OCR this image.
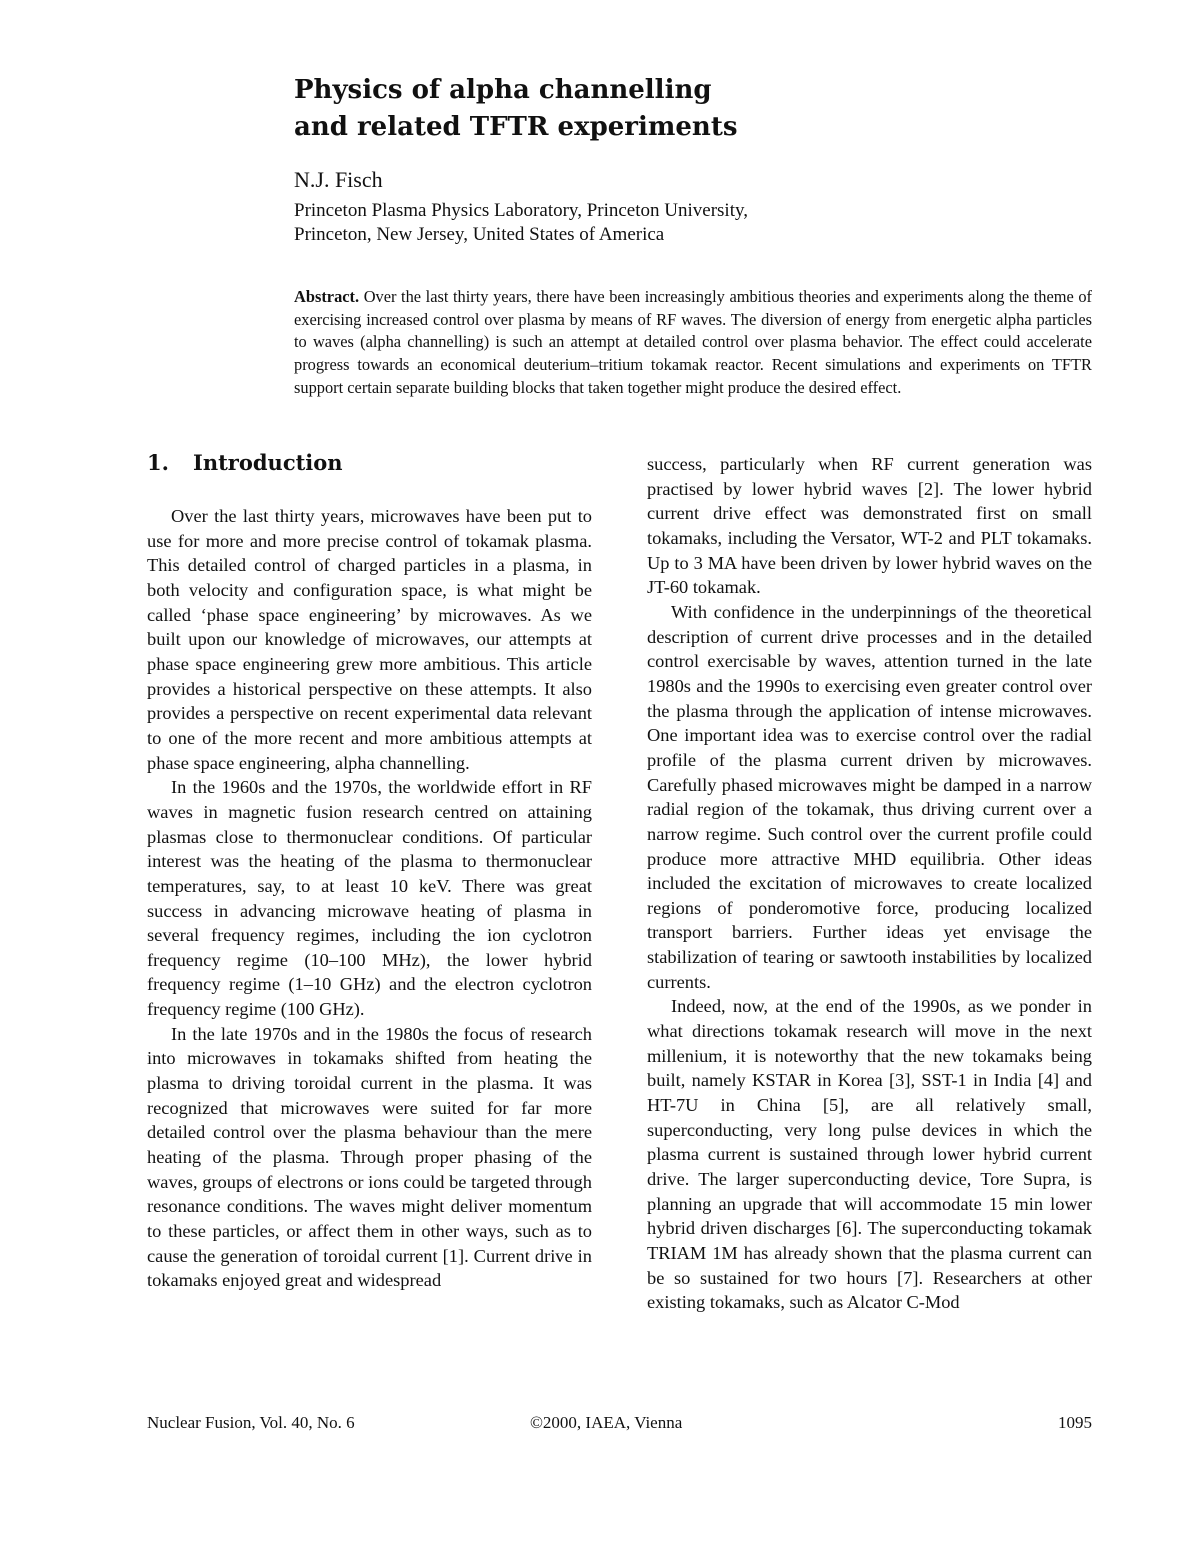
Physics of alpha channelling
and related TFTR experiments
N.J. Fisch
Princeton Plasma Physics Laboratory, Princeton University,
Princeton, New Jersey, United States of America

Abstract. Over the last thirty years, there have been increasingly ambitious theories and experiments along the theme of exercising increased control over plasma by means of RF waves. The diversion of energy from energetic alpha particles to waves (alpha channelling) is such an attempt at detailed control over plasma behavior. The effect could accelerate progress towards an economical deuterium–tritium tokamak reactor. Recent simulations and experiments on TFTR support certain separate building blocks that taken together might produce the desired effect.

1. Introduction

Over the last thirty years, microwaves have been put to use for more and more precise control of tokamak plasma. This detailed control of charged particles in a plasma, in both velocity and configuration space, is what might be called ‘phase space engineering’ by microwaves. As we built upon our knowledge of microwaves, our attempts at phase space engineering grew more ambitious. This article provides a historical perspective on these attempts. It also provides a perspective on recent experimental data relevant to one of the more recent and more ambitious attempts at phase space engineering, alpha channelling.

In the 1960s and the 1970s, the worldwide effort in RF waves in magnetic fusion research centred on attaining plasmas close to thermonuclear conditions. Of particular interest was the heating of the plasma to thermonuclear temperatures, say, to at least 10 keV. There was great success in advancing microwave heating of plasma in several frequency regimes, including the ion cyclotron frequency regime (10–100 MHz), the lower hybrid frequency regime (1–10 GHz) and the electron cyclotron frequency regime (100 GHz).

In the late 1970s and in the 1980s the focus of research into microwaves in tokamaks shifted from heating the plasma to driving toroidal current in the plasma. It was recognized that microwaves were suited for far more detailed control over the plasma behaviour than the mere heating of the plasma. Through proper phasing of the waves, groups of electrons or ions could be targeted through resonance conditions. The waves might deliver momentum to these particles, or affect them in other ways, such as to cause the generation of toroidal current [1]. Current drive in tokamaks enjoyed great and widespread

success, particularly when RF current generation was practised by lower hybrid waves [2]. The lower hybrid current drive effect was demonstrated first on small tokamaks, including the Versator, WT-2 and PLT tokamaks. Up to 3 MA have been driven by lower hybrid waves on the JT-60 tokamak.

With confidence in the underpinnings of the theoretical description of current drive processes and in the detailed control exercisable by waves, attention turned in the late 1980s and the 1990s to exercising even greater control over the plasma through the application of intense microwaves. One important idea was to exercise control over the radial profile of the plasma current driven by microwaves. Carefully phased microwaves might be damped in a narrow radial region of the tokamak, thus driving current over a narrow regime. Such control over the current profile could produce more attractive MHD equilibria. Other ideas included the excitation of microwaves to create localized regions of ponderomotive force, producing localized transport barriers. Further ideas yet envisage the stabilization of tearing or sawtooth instabilities by localized currents.

Indeed, now, at the end of the 1990s, as we ponder in what directions tokamak research will move in the next millenium, it is noteworthy that the new tokamaks being built, namely KSTAR in Korea [3], SST-1 in India [4] and HT-7U in China [5], are all relatively small, superconducting, very long pulse devices in which the plasma current is sustained through lower hybrid current drive. The larger superconducting device, Tore Supra, is planning an upgrade that will accommodate 15 min lower hybrid driven discharges [6]. The superconducting tokamak TRIAM 1M has already shown that the plasma current can be so sustained for two hours [7]. Researchers at other existing tokamaks, such as Alcator C-Mod

Nuclear Fusion, Vol. 40, No. 6	©2000, IAEA, Vienna	1095
